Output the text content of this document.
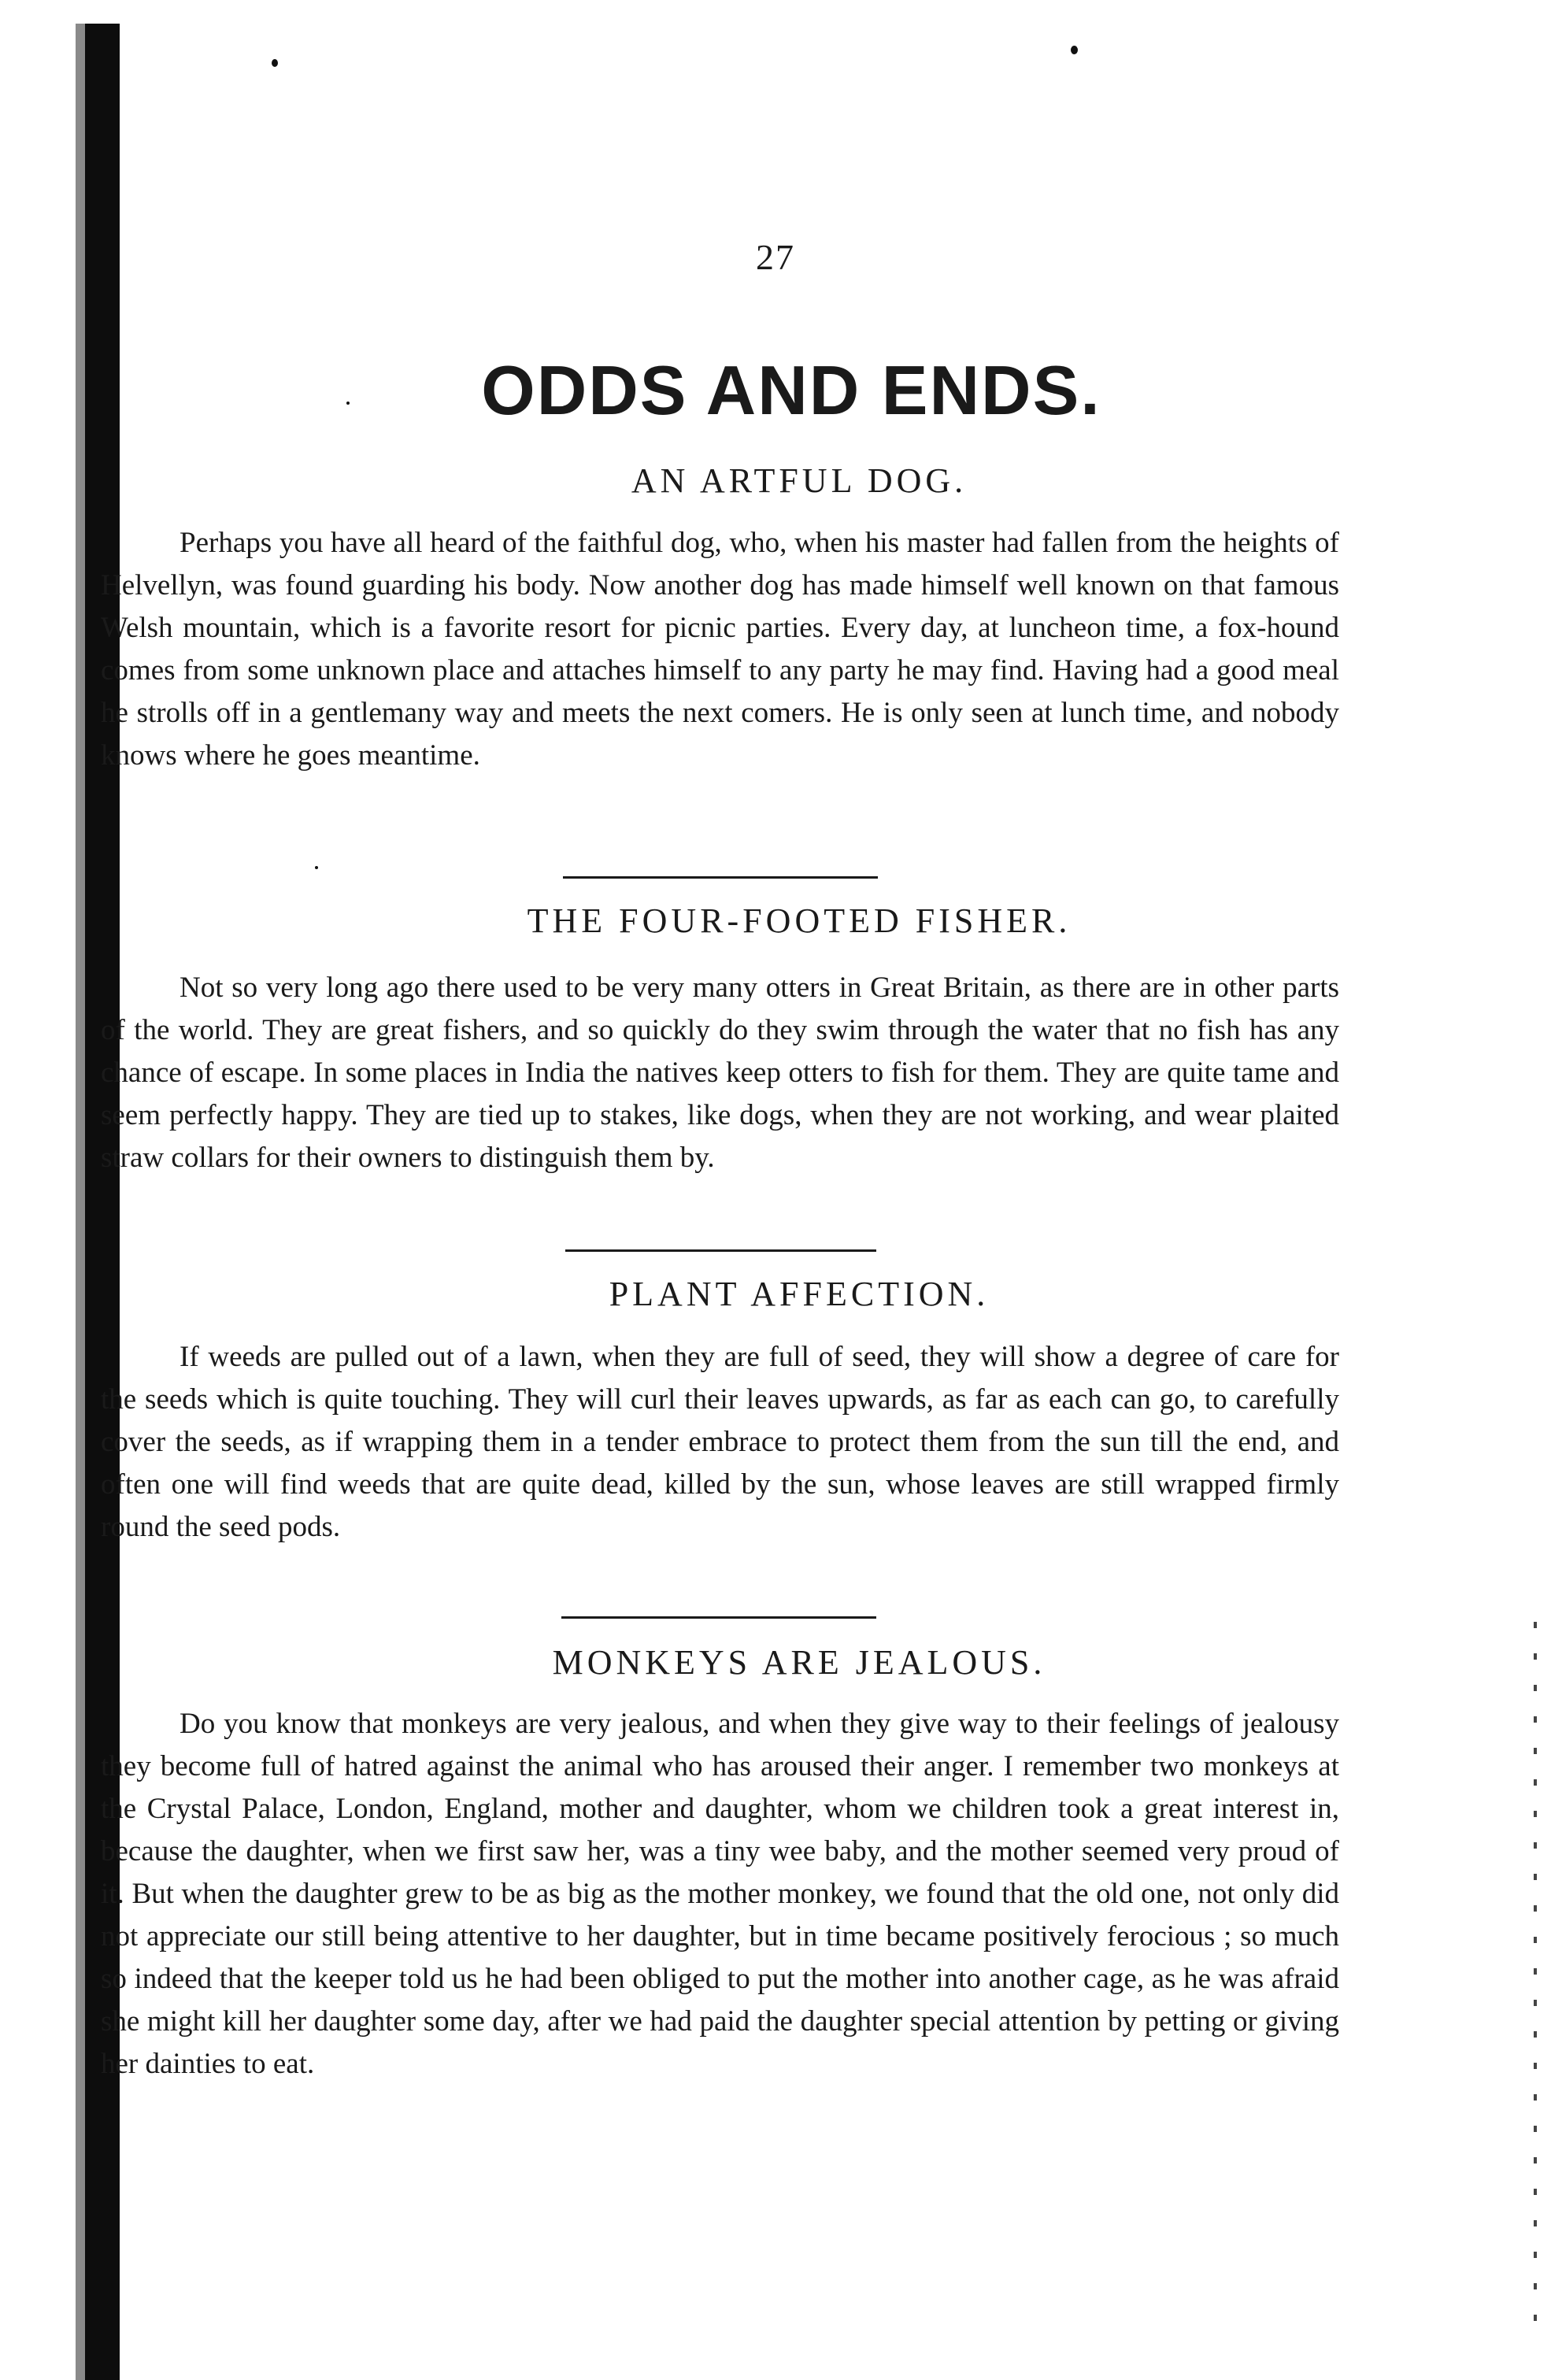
27
ODDS AND ENDS.
AN ARTFUL DOG.

Perhaps you have all heard of the faithful dog, who, when his master had fallen from the heights of Helvellyn, was found guarding his body. Now another dog has made himself well known on that famous Welsh mountain, which is a favorite resort for picnic parties. Every day, at luncheon time, a fox-hound comes from some unknown place and attaches himself to any party he may find. Having had a good meal he strolls off in a gentlemany way and meets the next comers. He is only seen at lunch time, and nobody knows where he goes meantime.

THE FOUR-FOOTED FISHER.

Not so very long ago there used to be very many otters in Great Britain, as there are in other parts of the world. They are great fishers, and so quickly do they swim through the water that no fish has any chance of escape. In some places in India the natives keep otters to fish for them. They are quite tame and seem perfectly happy. They are tied up to stakes, like dogs, when they are not working, and wear plaited straw collars for their owners to distinguish them by.

PLANT AFFECTION.

If weeds are pulled out of a lawn, when they are full of seed, they will show a degree of care for the seeds which is quite touching. They will curl their leaves upwards, as far as each can go, to carefully cover the seeds, as if wrapping them in a tender embrace to protect them from the sun till the end, and often one will find weeds that are quite dead, killed by the sun, whose leaves are still wrapped firmly round the seed pods.

MONKEYS ARE JEALOUS.

Do you know that monkeys are very jealous, and when they give way to their feelings of jealousy they become full of hatred against the animal who has aroused their anger. I remember two monkeys at the Crystal Palace, London, England, mother and daughter, whom we children took a great interest in, because the daughter, when we first saw her, was a tiny wee baby, and the mother seemed very proud of it. But when the daughter grew to be as big as the mother monkey, we found that the old one, not only did not appreciate our still being attentive to her daughter, but in time became positively ferocious ; so much so indeed that the keeper told us he had been obliged to put the mother into another cage, as he was afraid she might kill her daughter some day, after we had paid the daughter special attention by petting or giving her dainties to eat.
